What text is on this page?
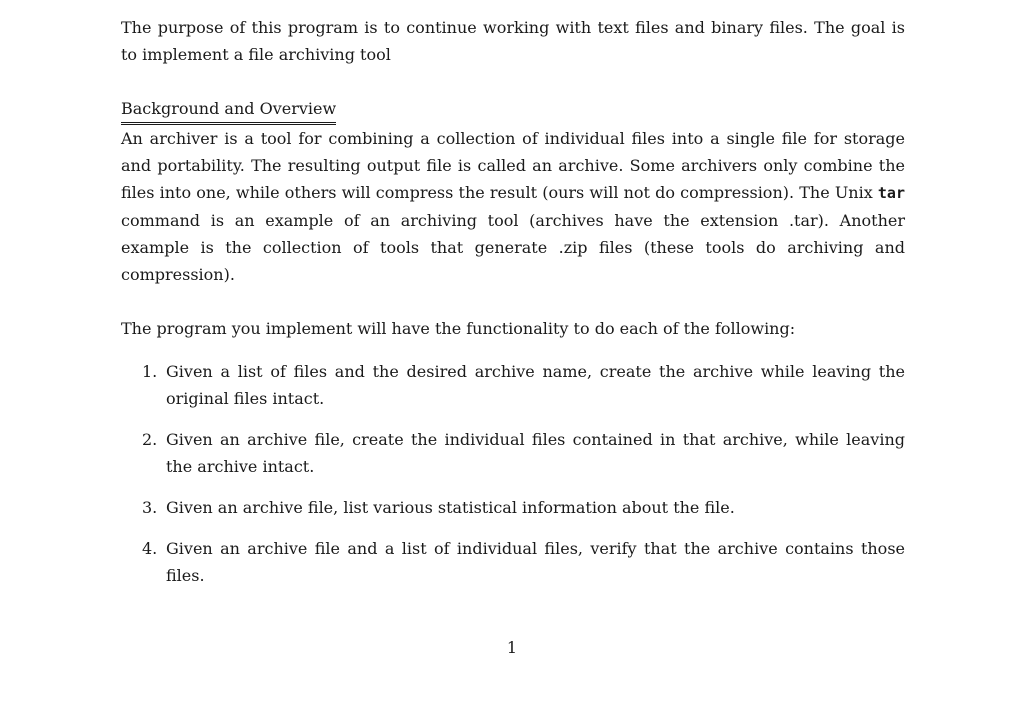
The purpose of this program is to continue working with text files and binary files. The goal is to implement a file archiving tool

Background and Overview

An archiver is a tool for combining a collection of individual files into a single file for storage and portability. The resulting output file is called an archive. Some archivers only combine the files into one, while others will compress the result (ours will not do compression). The Unix tar command is an example of an archiving tool (archives have the extension .tar). Another example is the collection of tools that generate .zip files (these tools do archiving and compression).

The program you implement will have the functionality to do each of the following:

1. Given a list of files and the desired archive name, create the archive while leaving the original files intact.
2. Given an archive file, create the individual files contained in that archive, while leaving the archive intact.
3. Given an archive file, list various statistical information about the file.
4. Given an archive file and a list of individual files, verify that the archive contains those files.
1
